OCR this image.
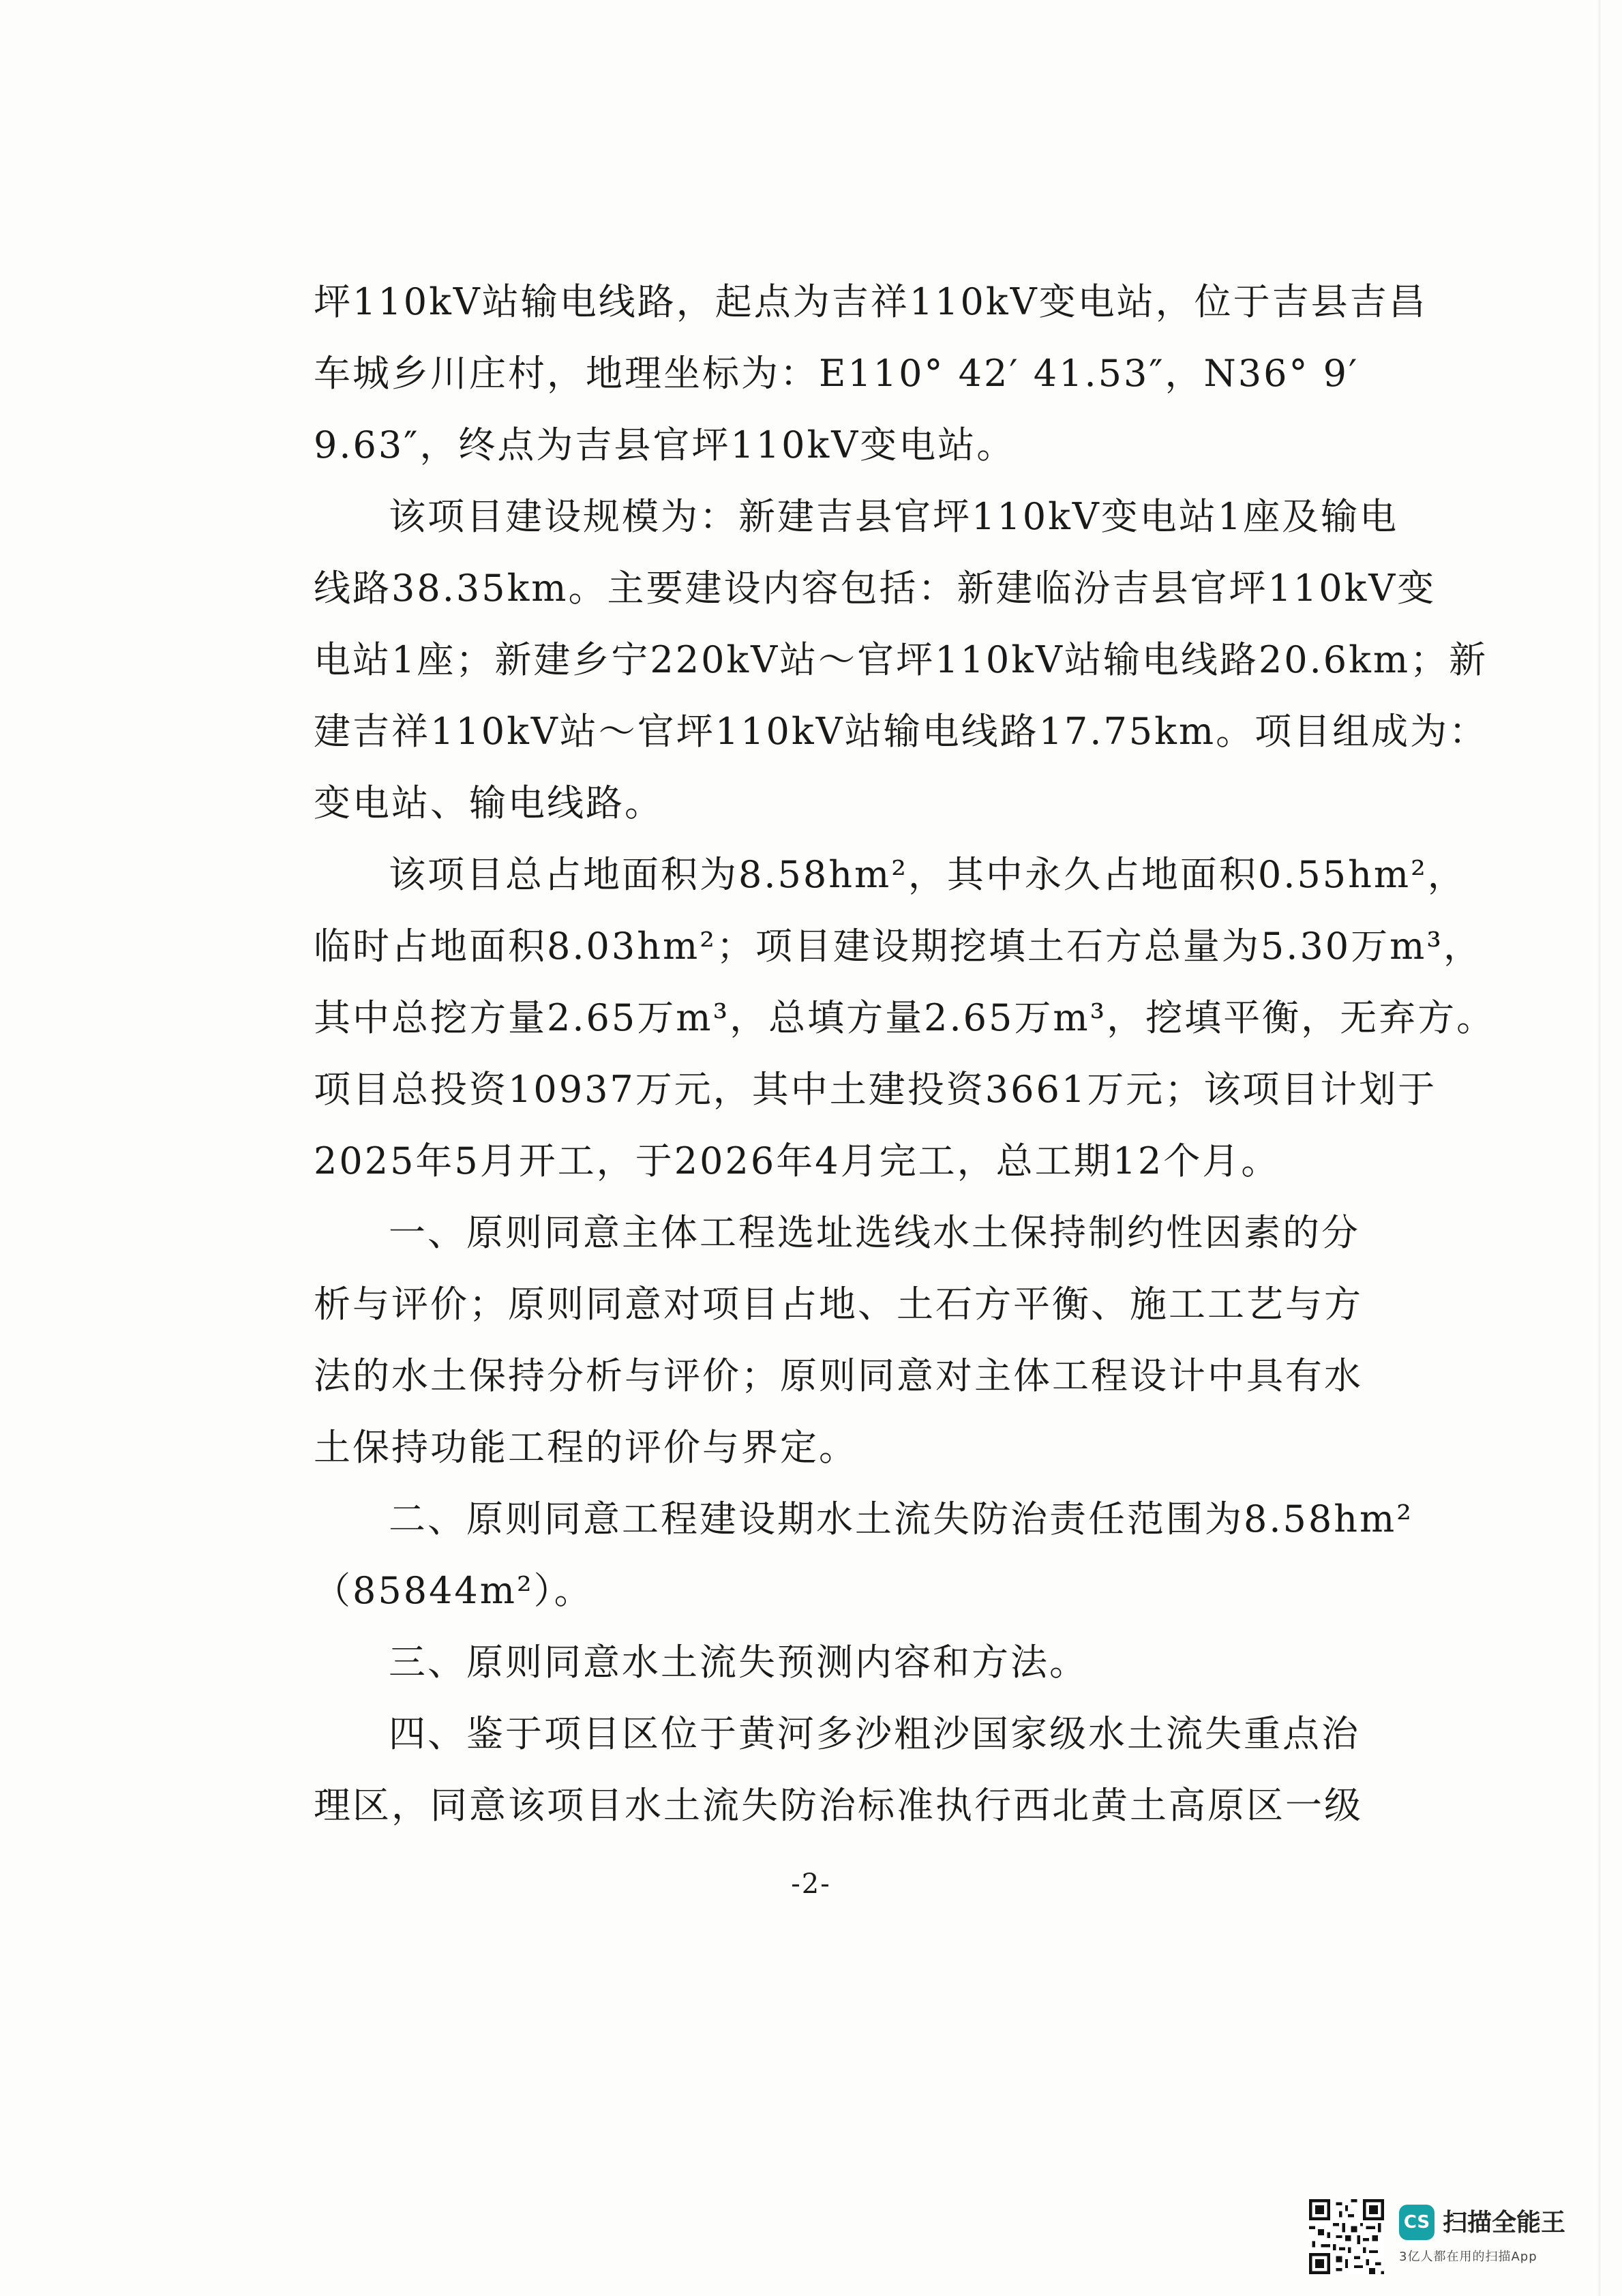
坪110kV站输电线路，起点为吉祥110kV变电站，位于吉县吉昌
车城乡川庄村，地理坐标为：E110° 42′ 41.53″，N36° 9′
9.63″，终点为吉县官坪110kV变电站。
该项目建设规模为：新建吉县官坪110kV变电站1座及输电
线路38.35km。主要建设内容包括：新建临汾吉县官坪110kV变
电站1座；新建乡宁220kV站～官坪110kV站输电线路20.6km；新
建吉祥110kV站～官坪110kV站输电线路17.75km。项目组成为：
变电站、输电线路。
该项目总占地面积为8.58hm²，其中永久占地面积0.55hm²，
临时占地面积8.03hm²；项目建设期挖填土石方总量为5.30万m³，
其中总挖方量2.65万m³，总填方量2.65万m³，挖填平衡，无弃方。
项目总投资10937万元，其中土建投资3661万元；该项目计划于
2025年5月开工，于2026年4月完工，总工期12个月。
一、原则同意主体工程选址选线水土保持制约性因素的分
析与评价；原则同意对项目占地、土石方平衡、施工工艺与方
法的水土保持分析与评价；原则同意对主体工程设计中具有水
土保持功能工程的评价与界定。
二、原则同意工程建设期水土流失防治责任范围为8.58hm²
（85844m²）。
三、原则同意水土流失预测内容和方法。
四、鉴于项目区位于黄河多沙粗沙国家级水土流失重点治
理区，同意该项目水土流失防治标准执行西北黄土高原区一级
-2-
CS 扫描全能王
3亿人都在用的扫描App
